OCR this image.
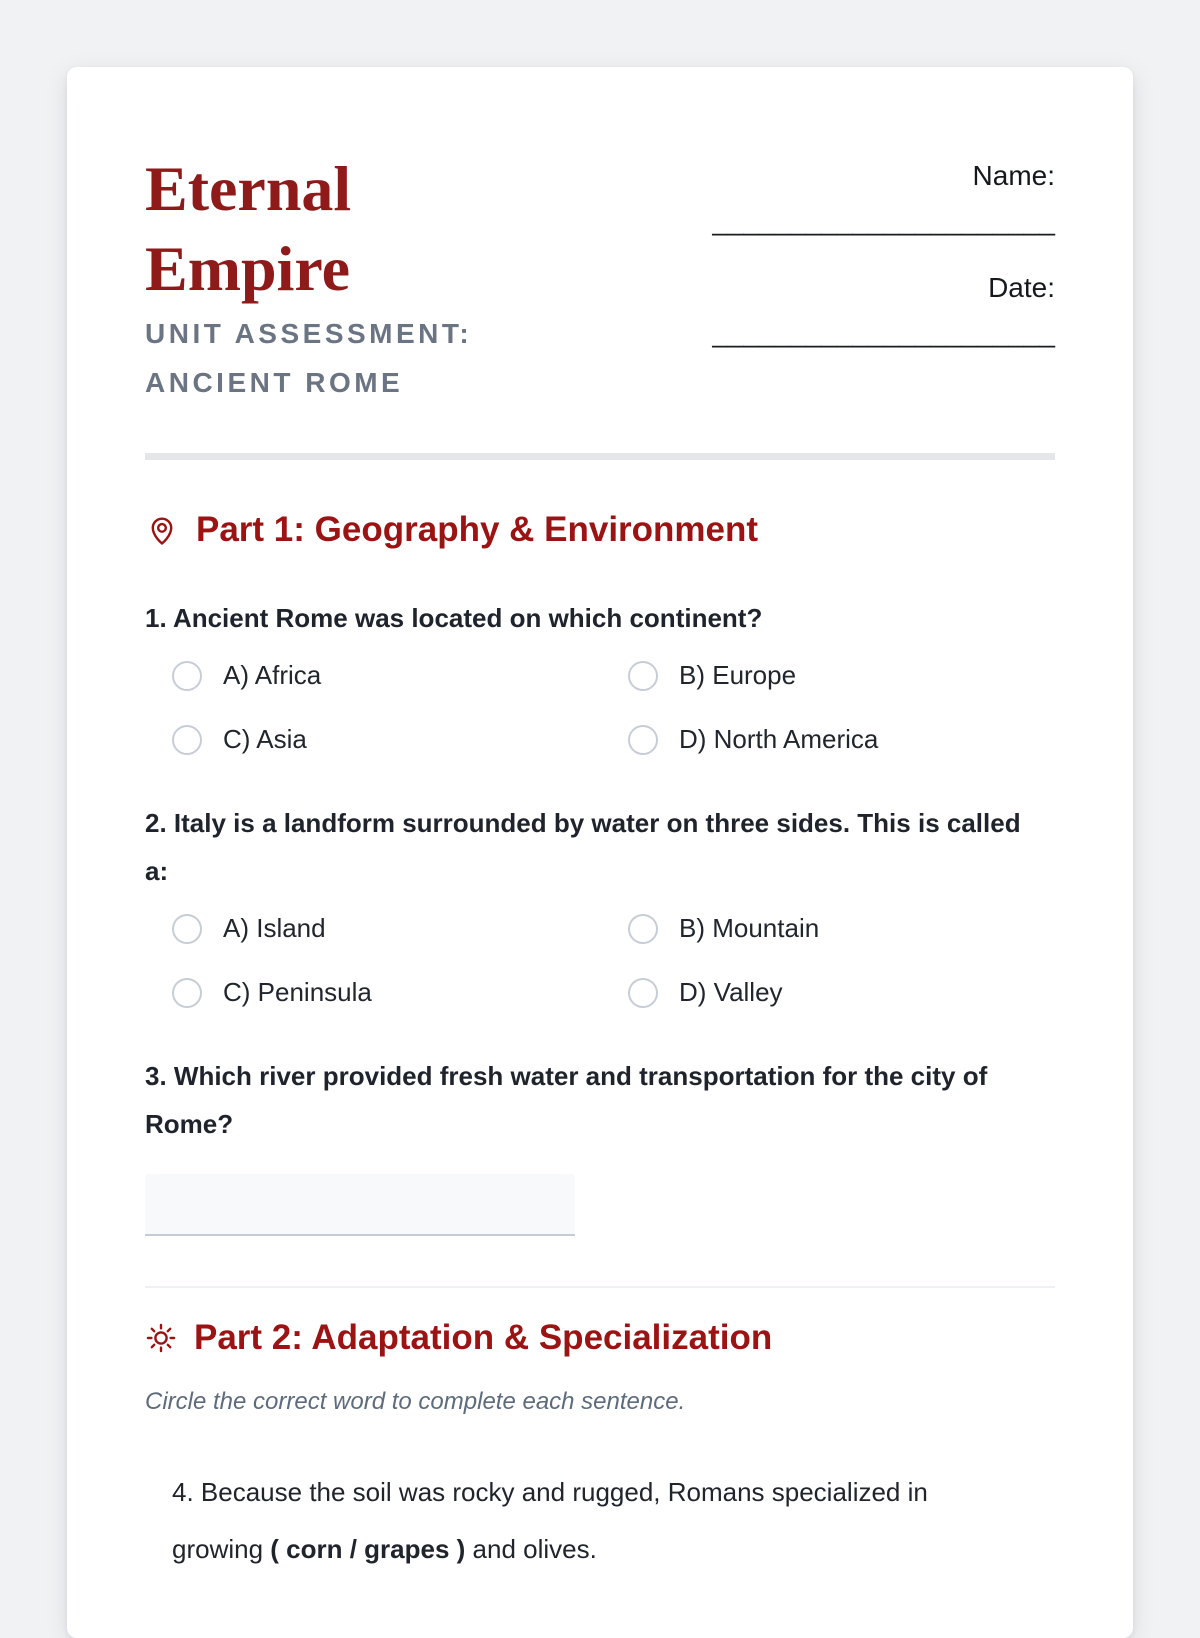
Eternal
Empire

UNIT ASSESSMENT:
ANCIENT ROME

Name:
______________________
Date:
______________________
Part 1: Geography & Environment

1. Ancient Rome was located on which continent?

A) Africa	B) Europe
C) Asia	D) North America

2. Italy is a landform surrounded by water on three sides. This is called a:

A) Island	B) Mountain
C) Peninsula	D) Valley

3. Which river provided fresh water and transportation for the city of Rome?

Part 2: Adaptation & Specialization

Circle the correct word to complete each sentence.

4. Because the soil was rocky and rugged, Romans specialized in growing ( corn / grapes ) and olives.
